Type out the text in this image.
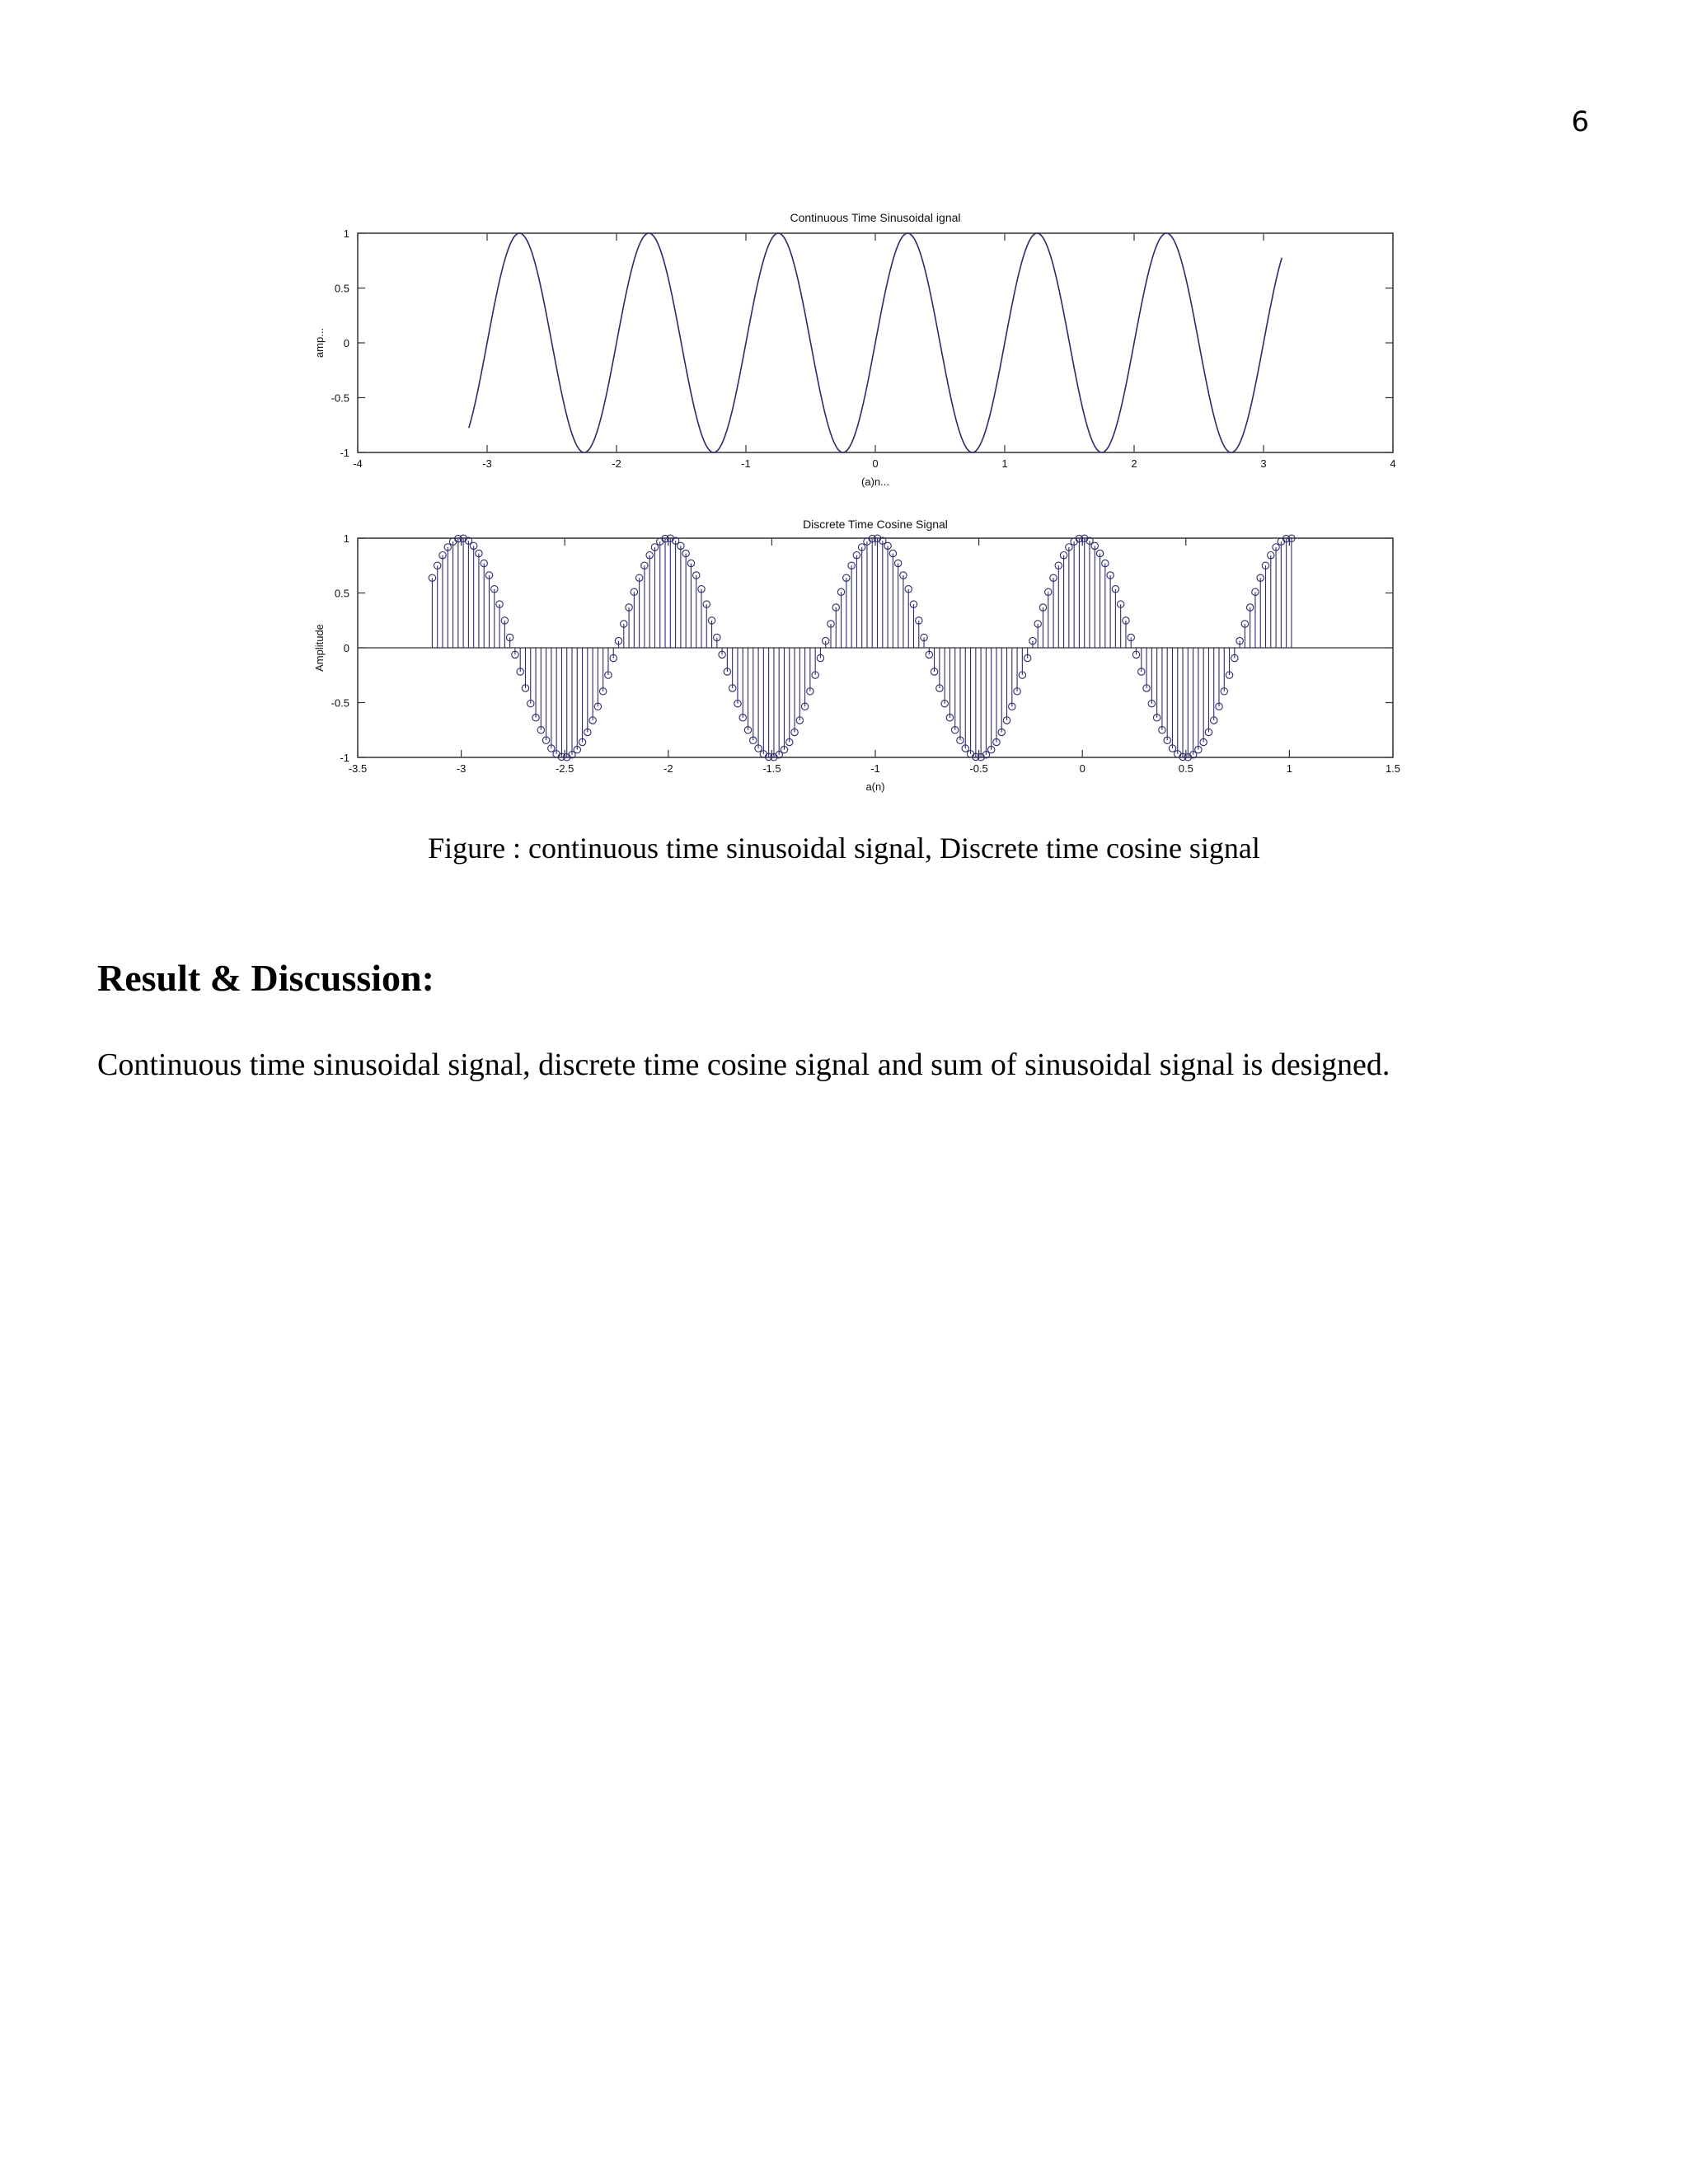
6
Continuous Time Sinusoidal ignal
(a)n...
amp...
-4	-3	-2	-1	0	1	2	3	4
-1
-0.5
0
0.5
1
Discrete Time Cosine Signal
a(n)
Amplitude
-3.5	-3	-2.5	-2	-1.5	-1	-0.5	0	0.5	1	1.5
-1
-0.5
0
0.5
1
Figure : continuous time sinusoidal signal, Discrete time cosine signal
Result & Discussion:
Continuous time sinusoidal signal, discrete time cosine signal and sum of sinusoidal signal is designed.
